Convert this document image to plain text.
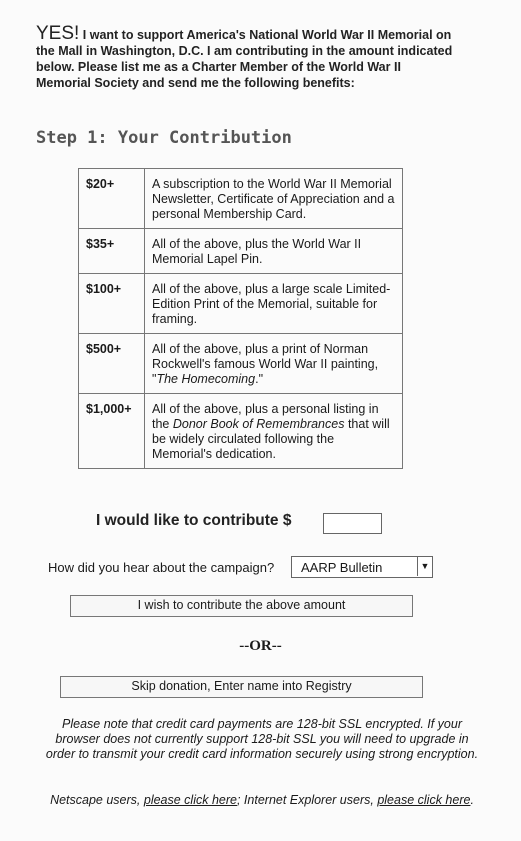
YES! I want to support America's National World War II Memorial on the Mall in Washington, D.C. I am contributing in the amount indicated below. Please list me as a Charter Member of the World War II Memorial Society and send me the following benefits:
Step 1: Your Contribution
$20+	A subscription to the World War II Memorial Newsletter, Certificate of Appreciation and a personal Membership Card.
$35+	All of the above, plus the World War II Memorial Lapel Pin.
$100+	All of the above, plus a large scale Limited-Edition Print of the Memorial, suitable for framing.
$500+	All of the above, plus a print of Norman Rockwell's famous World War II painting, "The Homecoming."
$1,000+	All of the above, plus a personal listing in the Donor Book of Remembrances that will be widely circulated following the Memorial's dedication.
I would like to contribute $
How did you hear about the campaign? AARP Bulletin	▼
I wish to contribute the above amount
--OR--
Skip donation, Enter name into Registry
Please note that credit card payments are 128-bit SSL encrypted. If your browser does not currently support 128-bit SSL you will need to upgrade in order to transmit your credit card information securely using strong encryption.
Netscape users, please click here; Internet Explorer users, please click here.
